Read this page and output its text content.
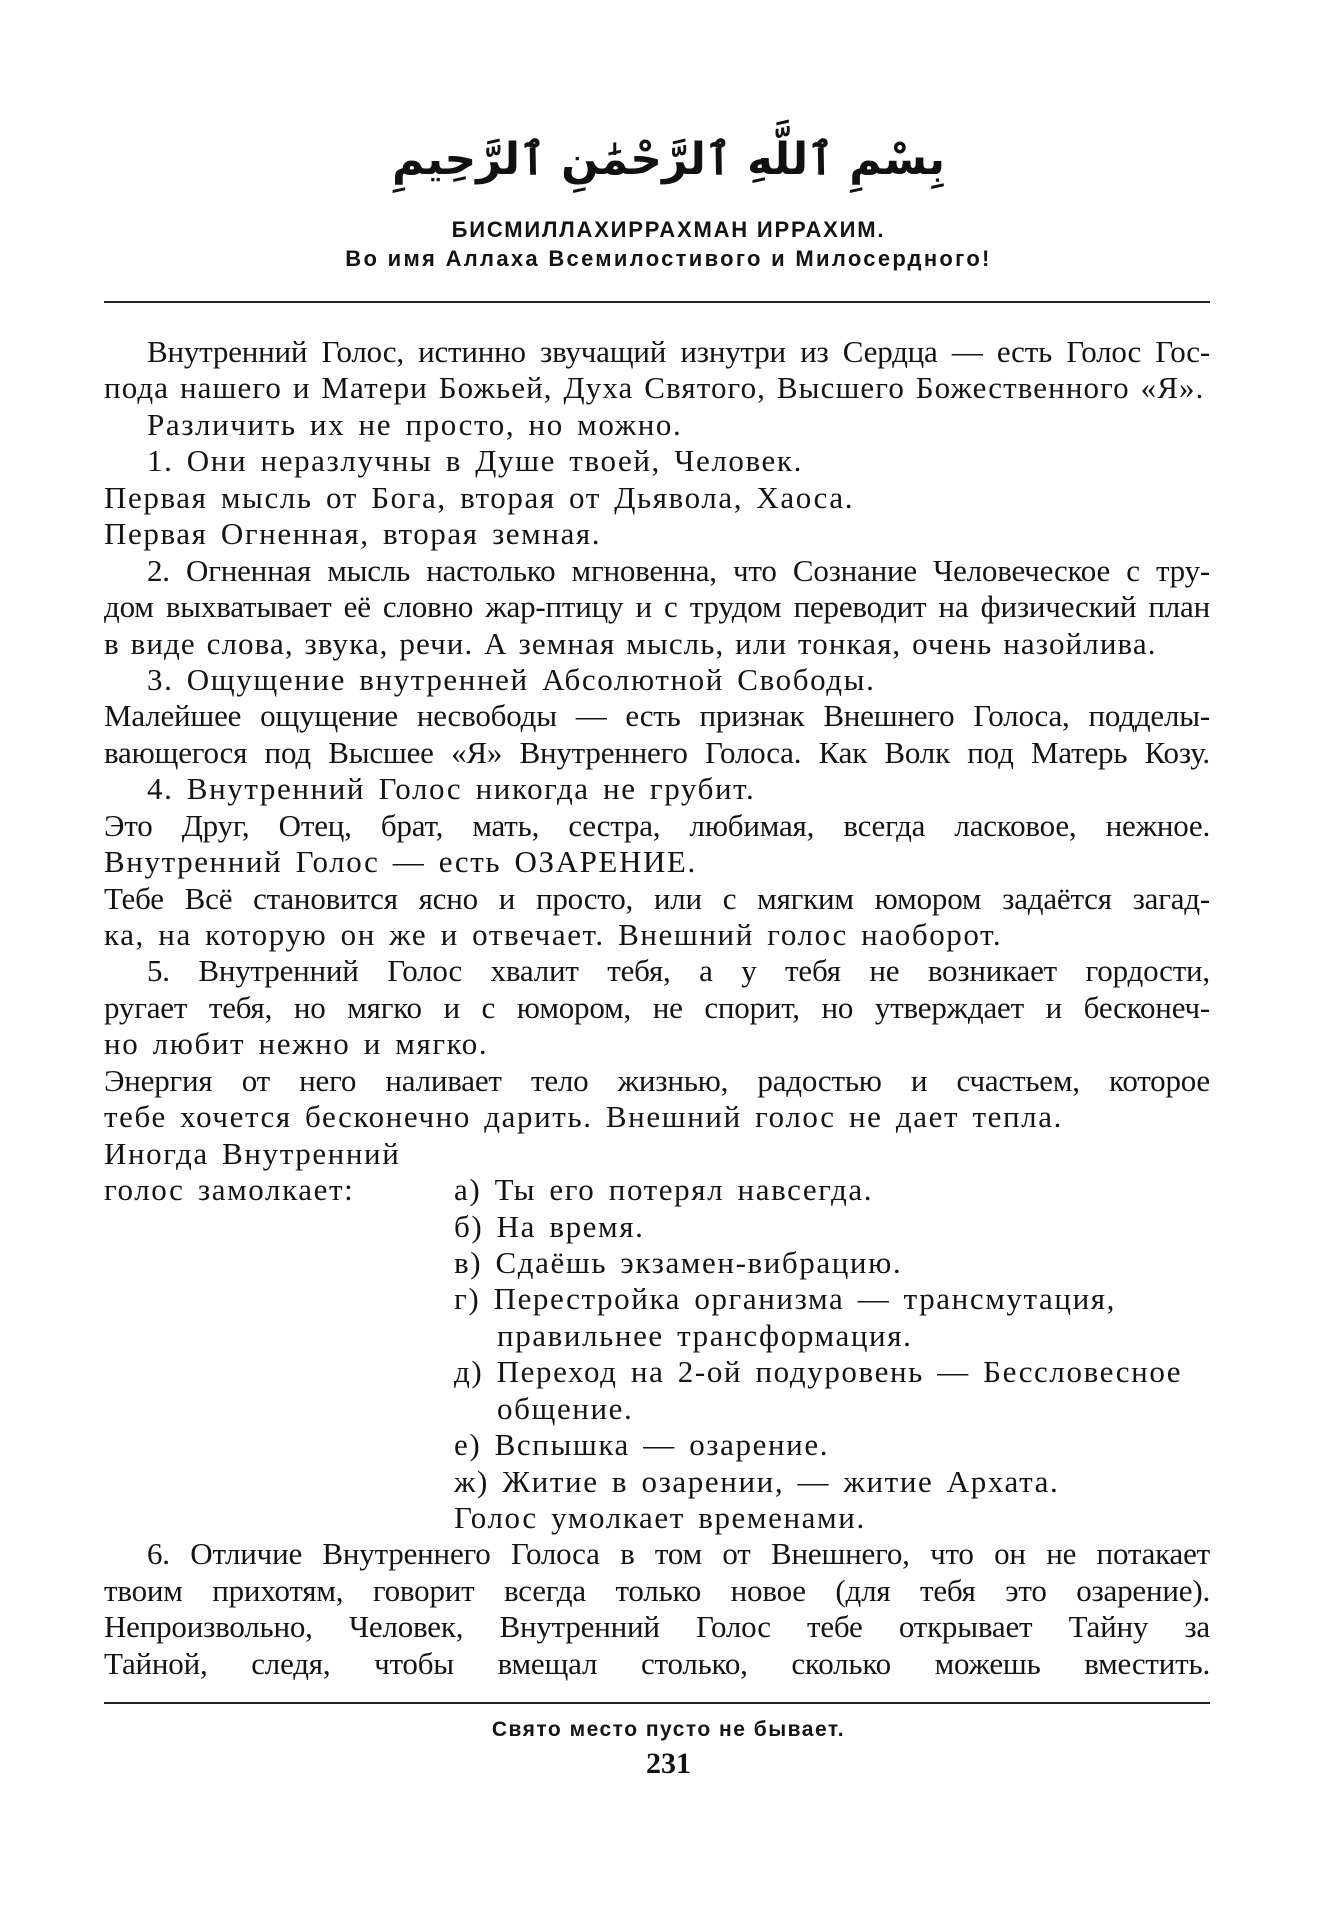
بِسْمِ ٱللَّهِ ٱلرَّحْمَٰنِ ٱلرَّحِيمِ
БИСМИЛЛАХИРРАХМАН ИРРАХИМ.
Во имя Аллаха Всемилостивого и Милосердного!
Внутренний Голос, истинно звучащий изнутри из Сердца — есть Голос Гос-
пода нашего и Матери Божьей, Духа Святого, Высшего Божественного «Я».
Различить их не просто, но можно.
1. Они неразлучны в Душе твоей, Человек.
Первая мысль от Бога, вторая от Дьявола, Хаоса.
Первая Огненная, вторая земная.
2. Огненная мысль настолько мгновенна, что Сознание Человеческое с тру-
дом выхватывает её словно жар-птицу и с трудом переводит на физический план
в виде слова, звука, речи. А земная мысль, или тонкая, очень назойлива.
3. Ощущение внутренней Абсолютной Свободы.
Малейшее ощущение несвободы — есть признак Внешнего Голоса, подделы-
вающегося под Высшее «Я» Внутреннего Голоса. Как Волк под Матерь Козу.
4. Внутренний Голос никогда не грубит.
Это Друг, Отец, брат, мать, сестра, любимая, всегда ласковое, нежное.
Внутренний Голос — есть ОЗАРЕНИЕ.
Тебе Всё становится ясно и просто, или с мягким юмором задаётся загад-
ка, на которую он же и отвечает. Внешний голос наоборот.
5. Внутренний Голос хвалит тебя, а у тебя не возникает гордости,
ругает тебя, но мягко и с юмором, не спорит, но утверждает и бесконеч-
но любит нежно и мягко.
Энергия от него наливает тело жизнью, радостью и счастьем, которое
тебе хочется бесконечно дарить. Внешний голос не дает тепла.
Иногда Внутренний
голос замолкает:	а) Ты его потерял навсегда.
б) На время.
в) Сдаёшь экзамен-вибрацию.
г) Перестройка организма — трансмутация,
правильнее трансформация.
д) Переход на 2-ой подуровень — Бессловесное
общение.
е) Вспышка — озарение.
ж) Житие в озарении, — житие Архата.
Голос умолкает временами.
6. Отличие Внутреннего Голоса в том от Внешнего, что он не потакает
твоим прихотям, говорит всегда только новое (для тебя это озарение).
Непроизвольно, Человек, Внутренний Голос тебе открывает Тайну за
Тайной, следя, чтобы вмещал столько, сколько можешь вместить.
Свято место пусто не бывает.
231
